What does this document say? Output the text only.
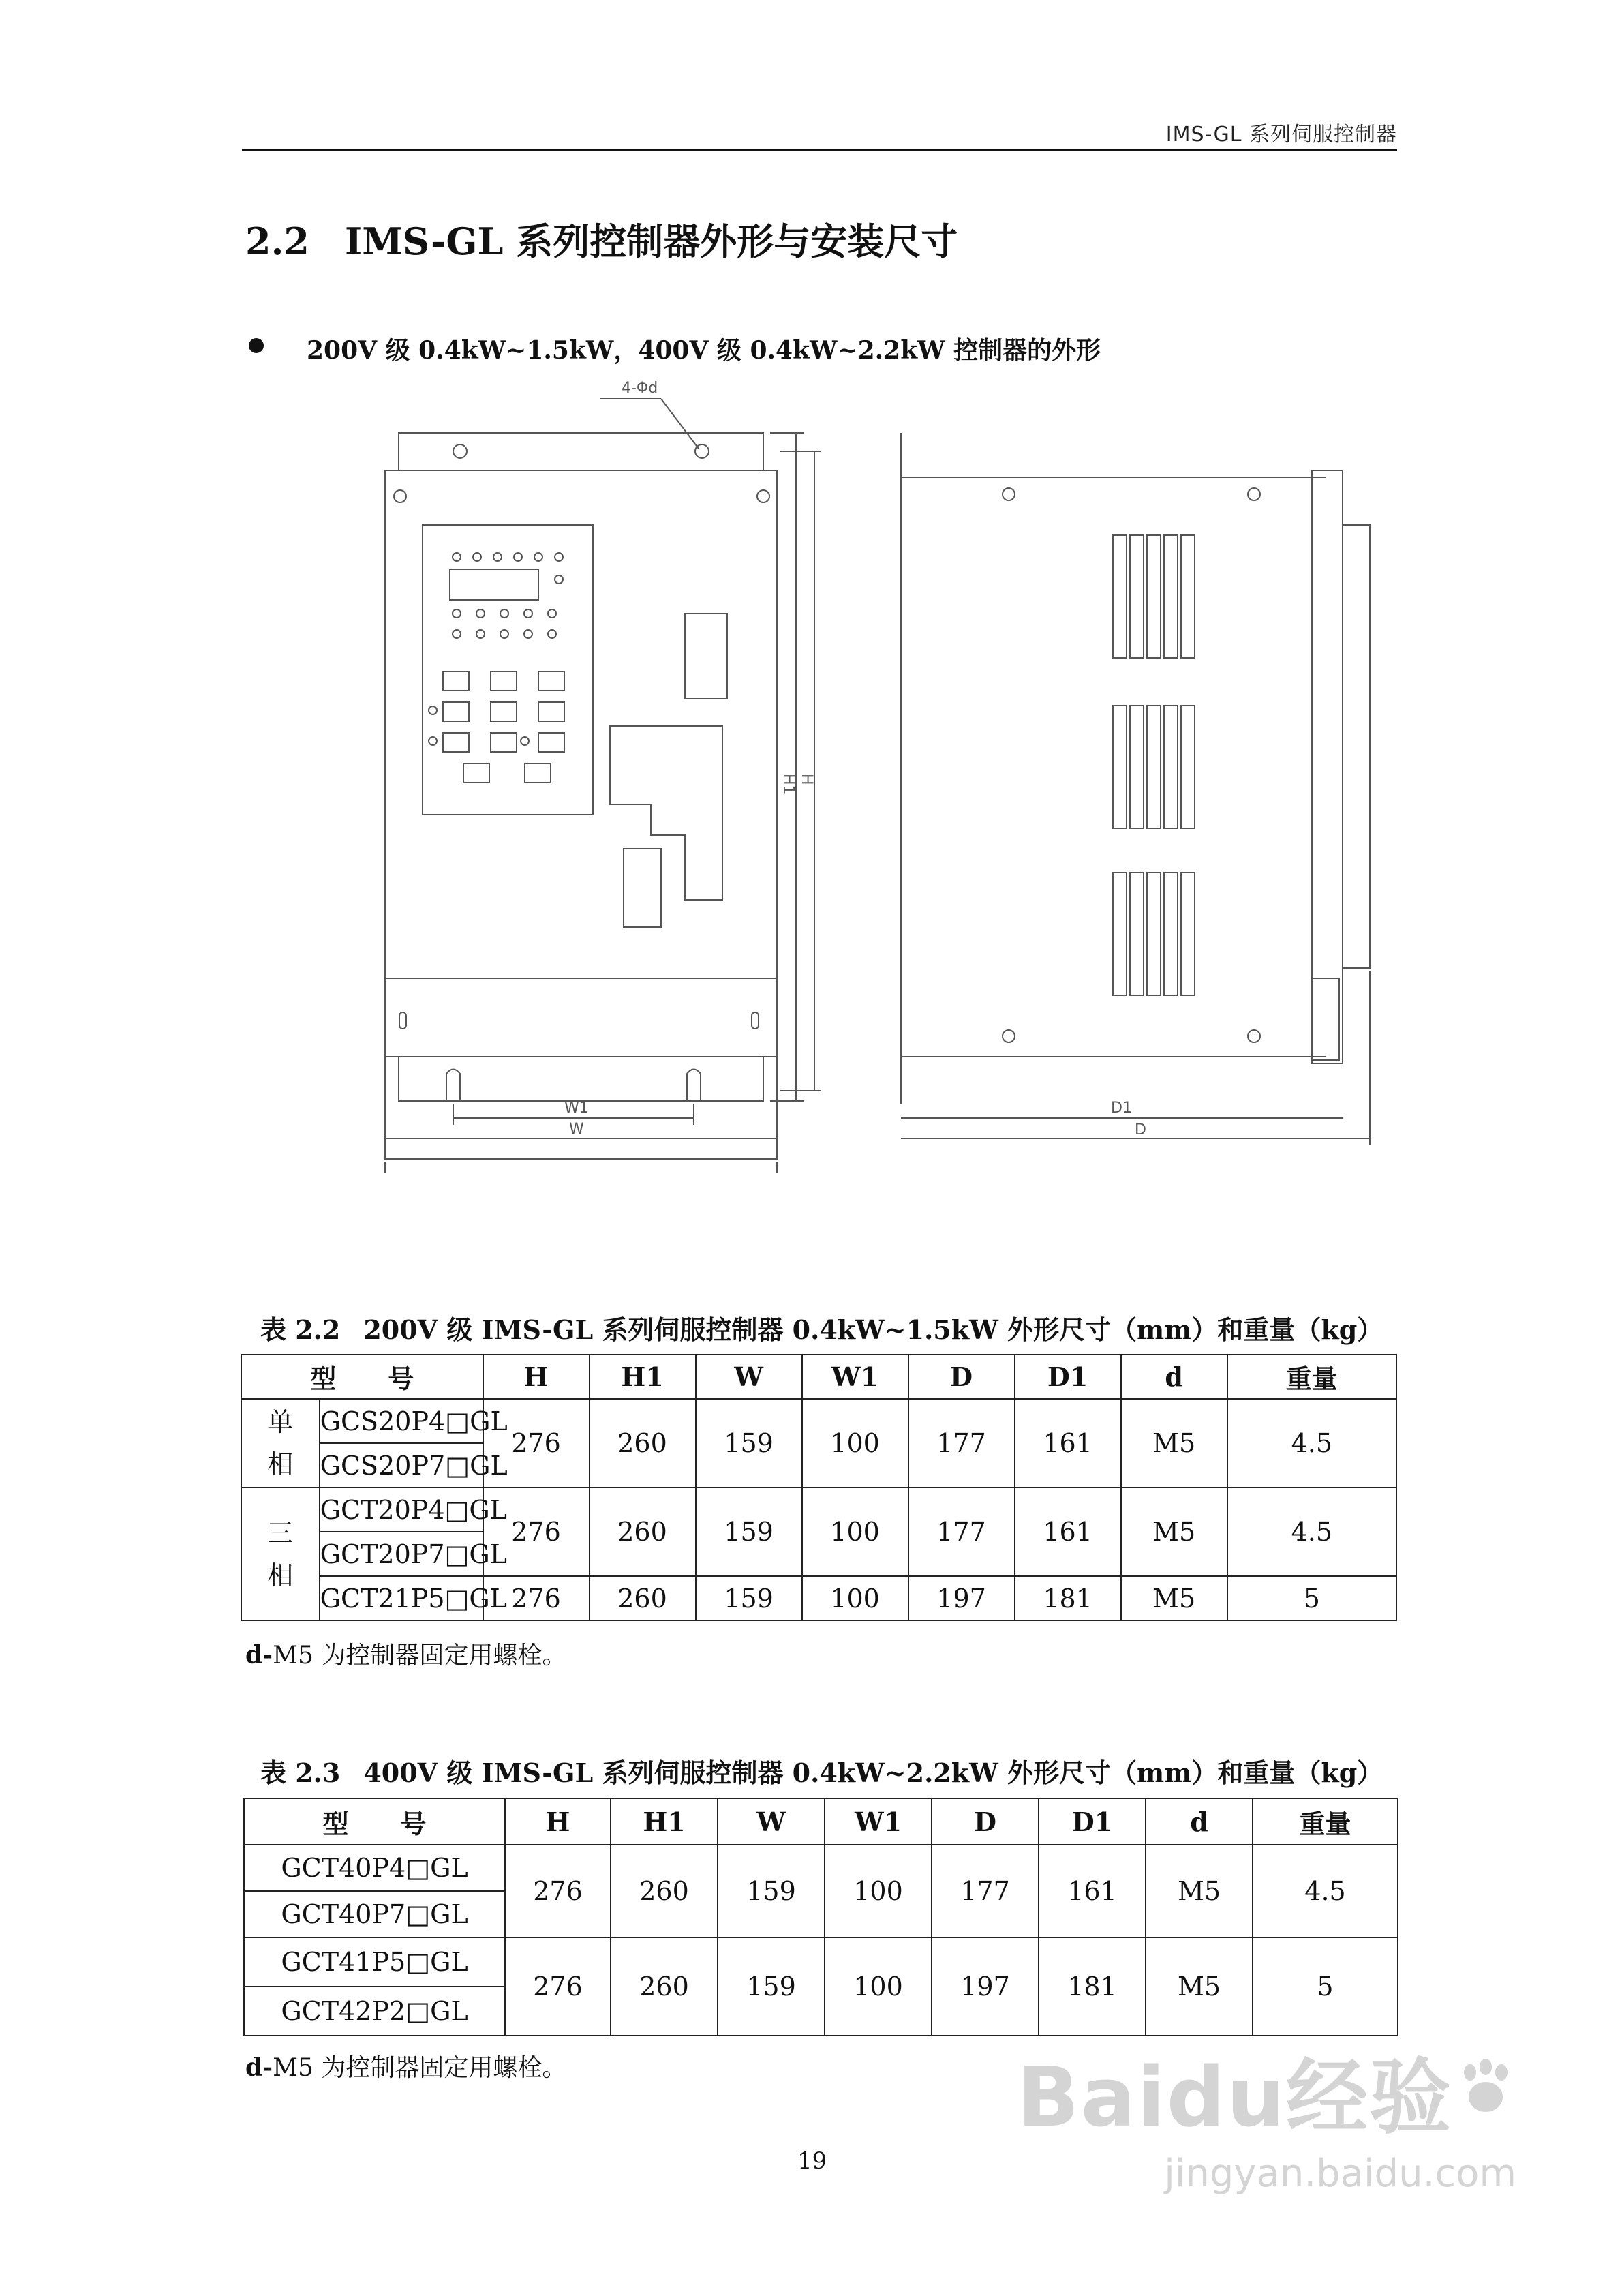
IMS-GL 系列伺服控制器
2.2 IMS-GL 系列控制器外形与安装尺寸
200V 级 0.4kW~1.5kW，400V 级 0.4kW~2.2kW 控制器的外形
4-Φd
H1 H
W1
W
D1
D
表 2.2 200V 级 IMS-GL 系列伺服控制器 0.4kW~1.5kW 外形尺寸（mm）和重量（kg）
型　　号		H	H1	W	W1	D	D1	d	重量
单
相	GCS20P4□GL	276	260	159	100	177	161	M5	4.5
	GCS20P7□GL								
三
相	GCT20P4□GL	276	260	159	100	177	161	M5	4.5
	GCT20P7□GL								
	GCT21P5□GL	276	260	159	100	197	181	M5	5
d-M5 为控制器固定用螺栓。
表 2.3 400V 级 IMS-GL 系列伺服控制器 0.4kW~2.2kW 外形尺寸（mm）和重量（kg）
型　　号	H	H1	W	W1	D	D1	d	重量
GCT40P4□GL	276	260	159	100	177	161	M5	4.5
GCT40P7□GL								
GCT41P5□GL	276	260	159	100	197	181	M5	5
GCT42P2□GL								
d-M5 为控制器固定用螺栓。
19
Baidu经验
jingyan.baidu.com
